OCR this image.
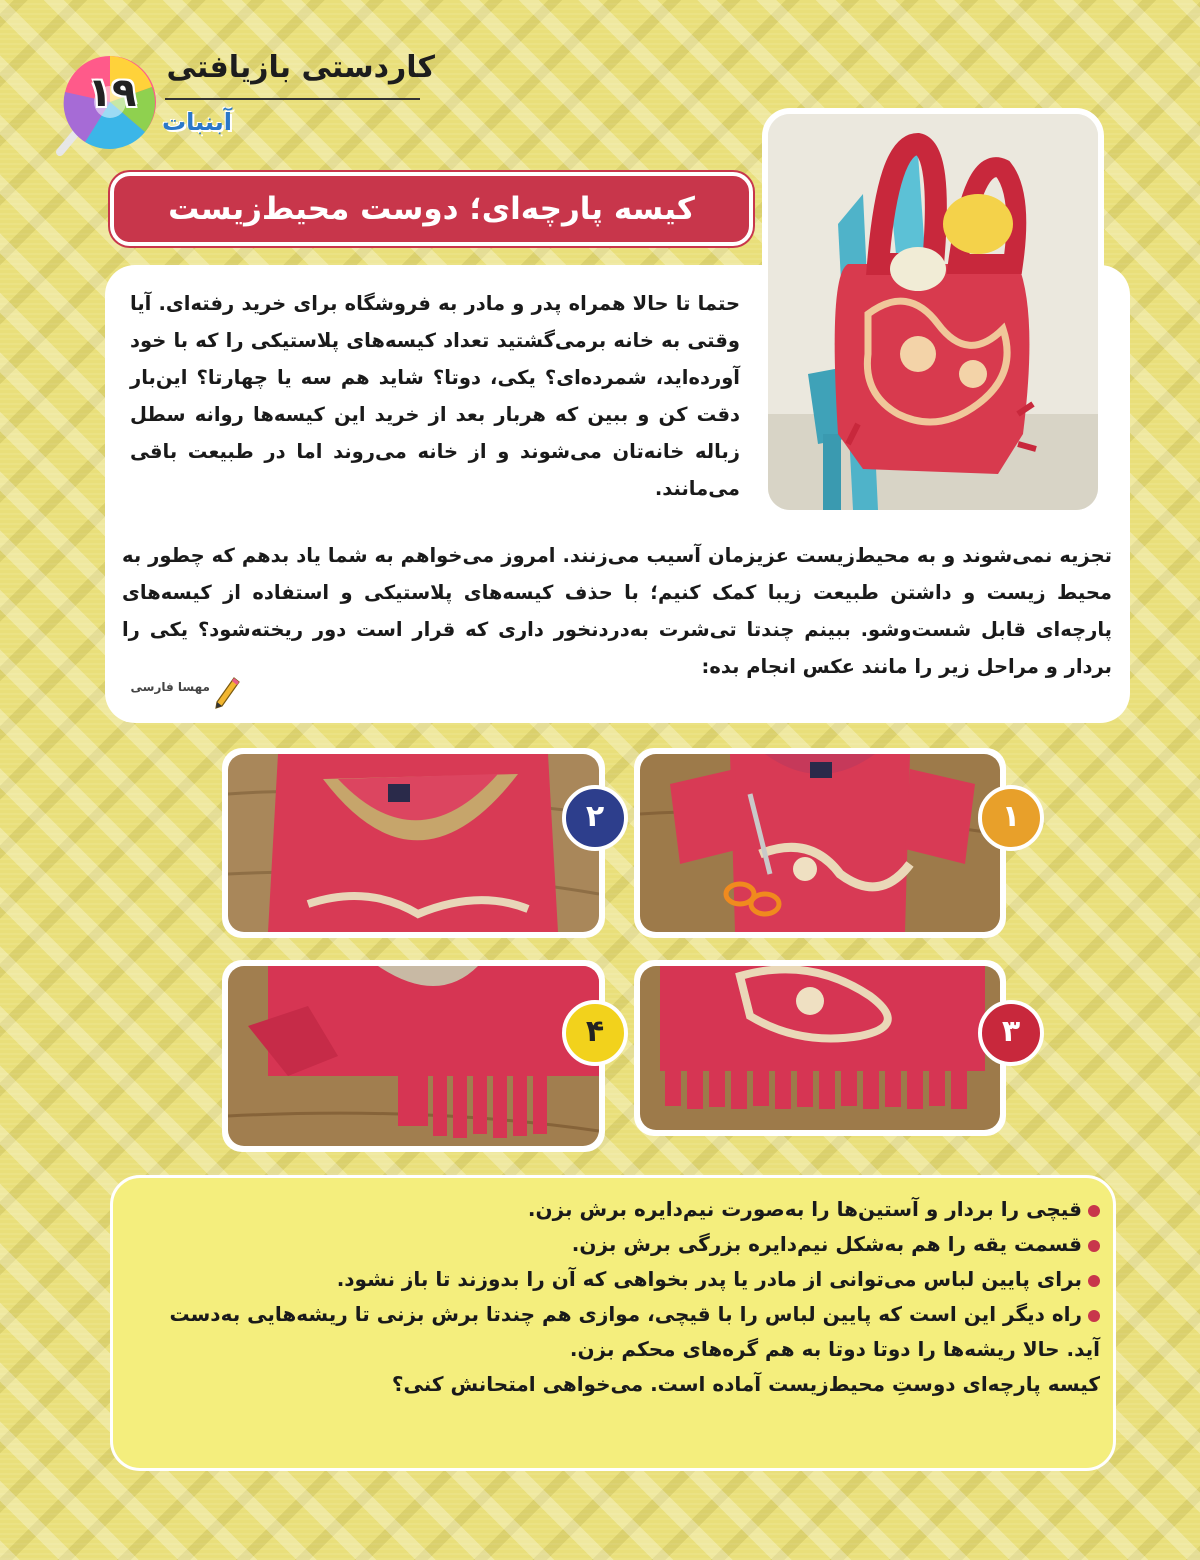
۱۹
آبنبات
کاردستی بازیافتی
کیسه پارچه‌ای؛ دوست محیط‌زیست
حتما تا حالا همراه پدر و مادر به فروشگاه برای خرید رفته‌ای. آیا وقتی به خانه برمی‌گشتید تعداد کیسه‌های پلاستیکی را که با خود آورده‌اید، شمرده‌ای؟ یکی، دوتا؟ شاید هم سه یا چهارتا؟ این‌بار دقت کن و ببین که هربار بعد از خرید این کیسه‌ها روانه سطل زباله خانه‌تان می‌شوند و از خانه می‌روند اما در طبیعت باقی می‌مانند.
تجزیه نمی‌شوند و به محیط‌زیست عزیزمان آسیب می‌زنند. امروز می‌خواهم به شما یاد بدهم که چطور به محیط زیست و داشتن طبیعت زیبا کمک کنیم؛ با حذف کیسه‌های پلاستیکی و استفاده از کیسه‌های پارچه‌ای قابل شست‌وشو. ببینم چندتا تی‌شرت به‌دردنخور داری که قرار است دور ریخته‌شود؟ یکی را بردار و مراحل زیر را مانند عکس انجام بده:
مهسا فارسی
۲	۱
۴	۳
قیچی را بردار و آستین‌ها را به‌صورت نیم‌دایره برش بزن.
قسمت یقه را هم به‌شکل نیم‌دایره بزرگی برش بزن.
برای پایین لباس می‌توانی از مادر یا پدر بخواهی که آن را بدوزند تا باز نشود.
راه دیگر این است که پایین لباس را با قیچی، موازی هم چندتا برش بزنی تا ریشه‌هایی به‌دست آید. حالا ریشه‌ها را دوتا دوتا به هم گره‌های محکم بزن.
کیسه پارچه‌ای دوستِ محیط‌زیست آماده است. می‌خواهی امتحانش کنی؟
